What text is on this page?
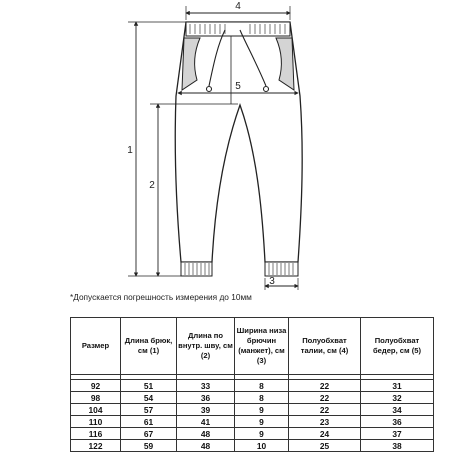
4
5
1
2
3
*Допускается погрешность измерения до 10мм
Размер	Длина брюк, см (1)	Длина по внутр. шву, см (2)	Ширина низа брючин (манжет), см (3)	Полуобхват талии, см (4)	Полуобхват бедер, см (5)

92	51	33	8	22	31
98	54	36	8	22	32
104	57	39	9	22	34
110	61	41	9	23	36
116	67	48	9	24	37
122	59	48	10	25	38
